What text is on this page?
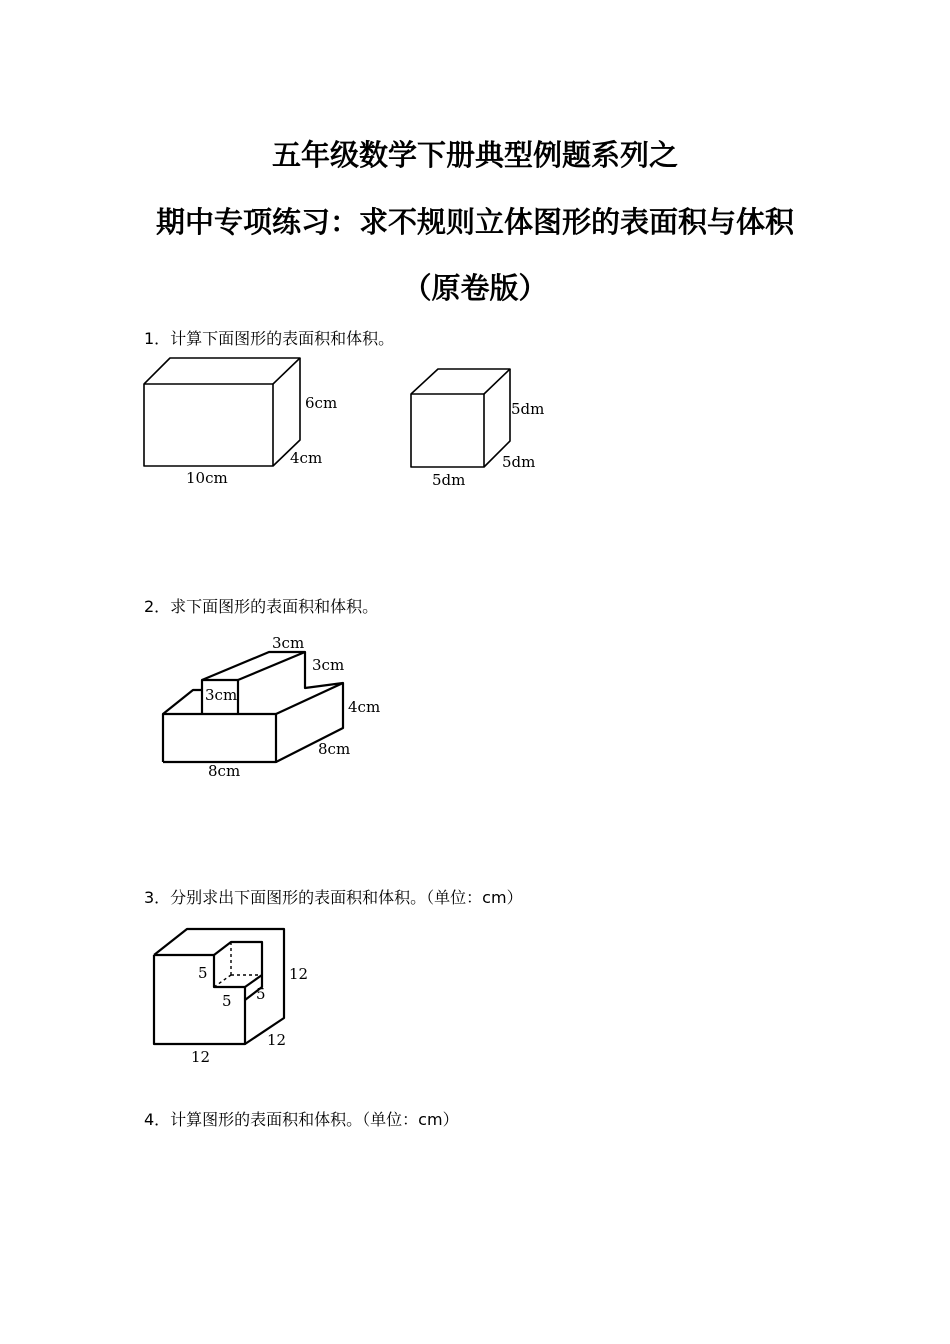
五年级数学下册典型例题系列之
期中专项练习：求不规则立体图形的表面积与体积
（原卷版）

1．计算下面图形的表面积和体积。

6cm
4cm
10cm
5dm
5dm
5dm

2．求下面图形的表面积和体积。

3cm
3cm
3cm
4cm
8cm
8cm

3．分别求出下面图形的表面积和体积。（单位：cm）

5
5 5
12
12
12

4．计算图形的表面积和体积。（单位：cm）
